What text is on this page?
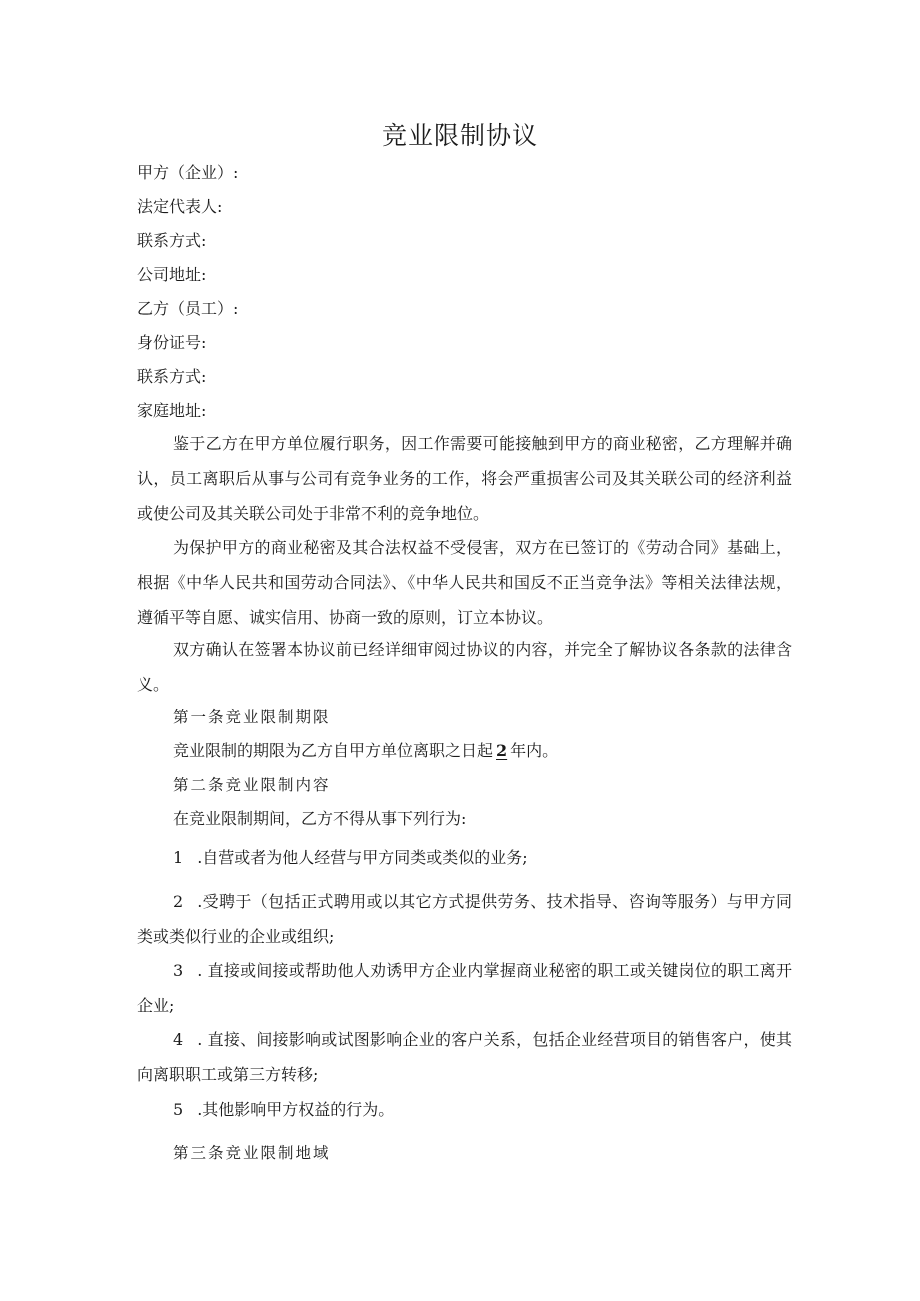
竞业限制协议
甲方（企业）:
法定代表人:
联系方式:
公司地址:
乙方（员工）:
身份证号:
联系方式:
家庭地址:
鉴于乙方在甲方单位履行职务，因工作需要可能接触到甲方的商业秘密，乙方理解并确认，员工离职后从事与公司有竞争业务的工作，将会严重损害公司及其关联公司的经济利益或使公司及其关联公司处于非常不利的竞争地位。
为保护甲方的商业秘密及其合法权益不受侵害，双方在已签订的《劳动合同》基础上，根据《中华人民共和国劳动合同法》、《中华人民共和国反不正当竞争法》等相关法律法规，遵循平等自愿、诚实信用、协商一致的原则，订立本协议。
双方确认在签署本协议前已经详细审阅过协议的内容，并完全了解协议各条款的法律含义。
第一条竞业限制期限
竞业限制的期限为乙方自甲方单位离职之日起 2 年内。
第二条竞业限制内容
在竞业限制期间，乙方不得从事下列行为:
1 .自营或者为他人经营与甲方同类或类似的业务;
2 .受聘于（包括正式聘用或以其它方式提供劳务、技术指导、咨询等服务）与甲方同类或类似行业的企业或组织;
3 . 直接或间接或帮助他人劝诱甲方企业内掌握商业秘密的职工或关键岗位的职工离开企业;
4 . 直接、间接影响或试图影响企业的客户关系，包括企业经营项目的销售客户，使其向离职职工或第三方转移;
5 .其他影响甲方权益的行为。
第三条竞业限制地域
